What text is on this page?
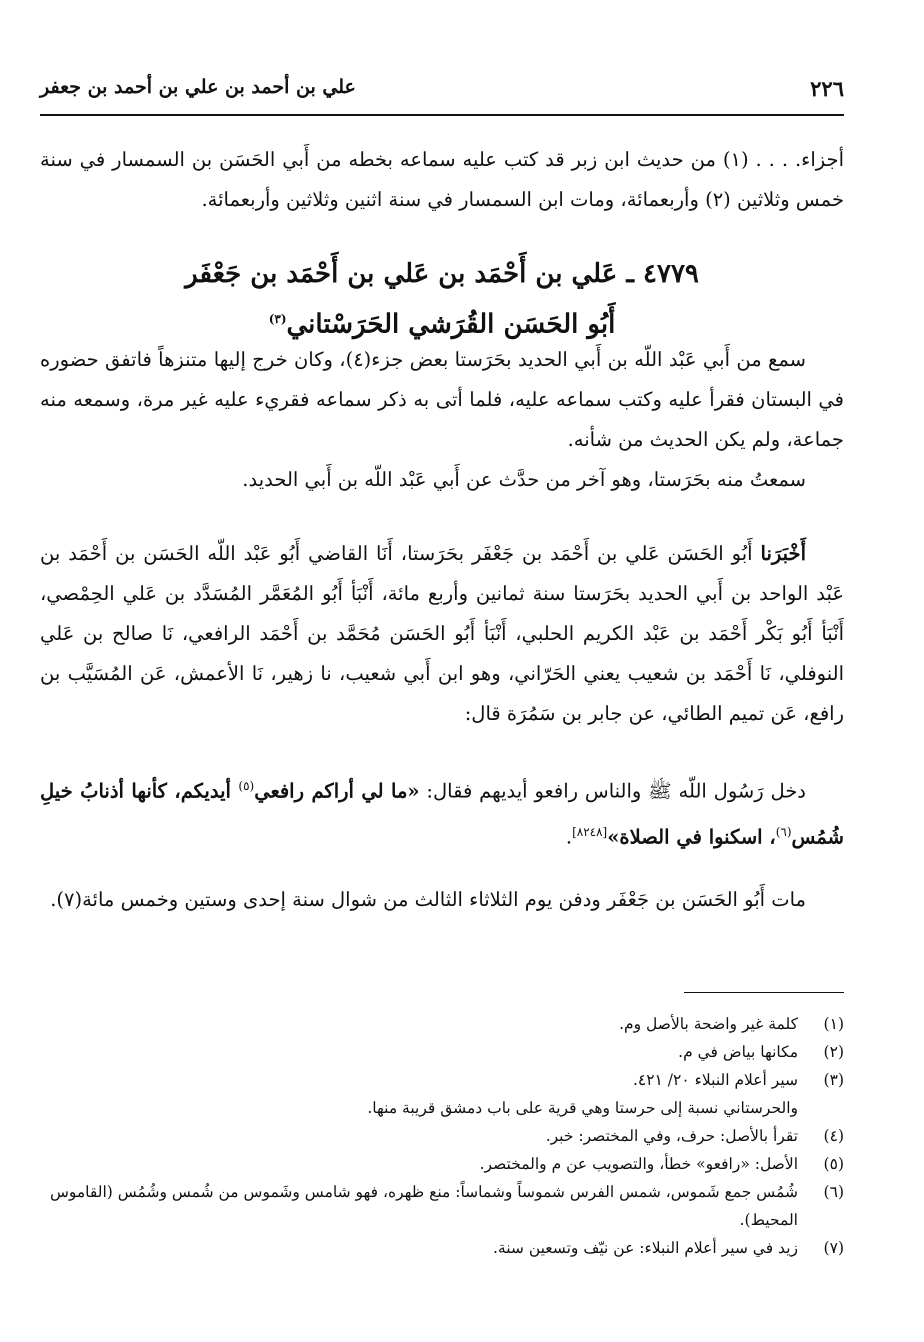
٢٢٦
علي بن أحمد بن علي بن أحمد بن جعفر

أجزاء. . . . (١) من حديث ابن زبر قد كتب عليه سماعه بخطه من أَبي الحَسَن بن السمسار في سنة خمس وثلاثين (٢) وأربعمائة، ومات ابن السمسار في سنة اثنين وثلاثين وأربعمائة.

٤٧٧٩ ـ عَلي بن أَحْمَد بن عَلي بن أَحْمَد بن جَعْفَر
أَبُو الحَسَن القُرَشي الحَرَسْتاني$^{(٣)}$

سمع من أَبي عَبْد اللّه بن أَبي الحديد بحَرَستا بعض جزء(٤)، وكان خرج إليها متنزهاً فاتفق حضوره في البستان فقرأ عليه وكتب سماعه عليه، فلما أتى به ذكر سماعه فقريء عليه غير مرة، وسمعه منه جماعة، ولم يكن الحديث من شأنه.

سمعتُ منه بحَرَستا، وهو آخر من حدَّث عن أَبي عَبْد اللّه بن أَبي الحديد.

أَخْبَرَنا أَبُو الحَسَن عَلي بن أَحْمَد بن جَعْفَر بحَرَستا، أَنَا القاضي أَبُو عَبْد اللّه الحَسَن بن أَحْمَد بن عَبْد الواحد بن أَبي الحديد بحَرَستا سنة ثمانين وأربع مائة، أَنْبَأ أَبُو المُعَمَّر المُسَدَّد بن عَلي الحِمْصي، أَنْبَأ أَبُو بَكْر أَحْمَد بن عَبْد الكريم الحلبي، أَنْبَأ أَبُو الحَسَن مُحَمَّد بن أَحْمَد الرافعي، نَا صالح بن عَلي النوفلي، نَا أَحْمَد بن شعيب يعني الحَرّاني، وهو ابن أَبي شعيب، نا زهير، نَا الأعمش، عَن المُسَيَّب بن رافع، عَن تميم الطائي، عن جابر بن سَمُرَة قال:

دخل رَسُول اللّه ﷺ والناس رافعو أيديهم فقال: «ما لي أراكم رافعي$^{(٥)}$ أيديكم، كأنها أذنابُ خيلِ شُمُس$^{(٦)}$، اسكنوا في الصلاة»[٨٢٤٨].

مات أَبُو الحَسَن بن جَعْفَر ودفن يوم الثلاثاء الثالث من شوال سنة إحدى وستين وخمس مائة(٧).

(١)
كلمة غير واضحة بالأصل وم.
(٢)
مكانها بياض في م.
(٣)
سير أعلام النبلاء ٢٠/ ٤٢١.
والحرستاني نسبة إلى حرستا وهي قرية على باب دمشق قريبة منها.
(٤)
تقرأ بالأصل: حرف، وفي المختصر: خبر.
(٥)
الأصل: «رافعو» خطأ، والتصويب عن م والمختصر.
(٦)
شُمُس جمع شَموس، شمس الفرس شموساً وشماساً: منع ظهره، فهو شامس وشَموس من شُمس وشُمُس (القاموس المحيط).
(٧)
زيد في سير أعلام النبلاء: عن نيّف وتسعين سنة.
